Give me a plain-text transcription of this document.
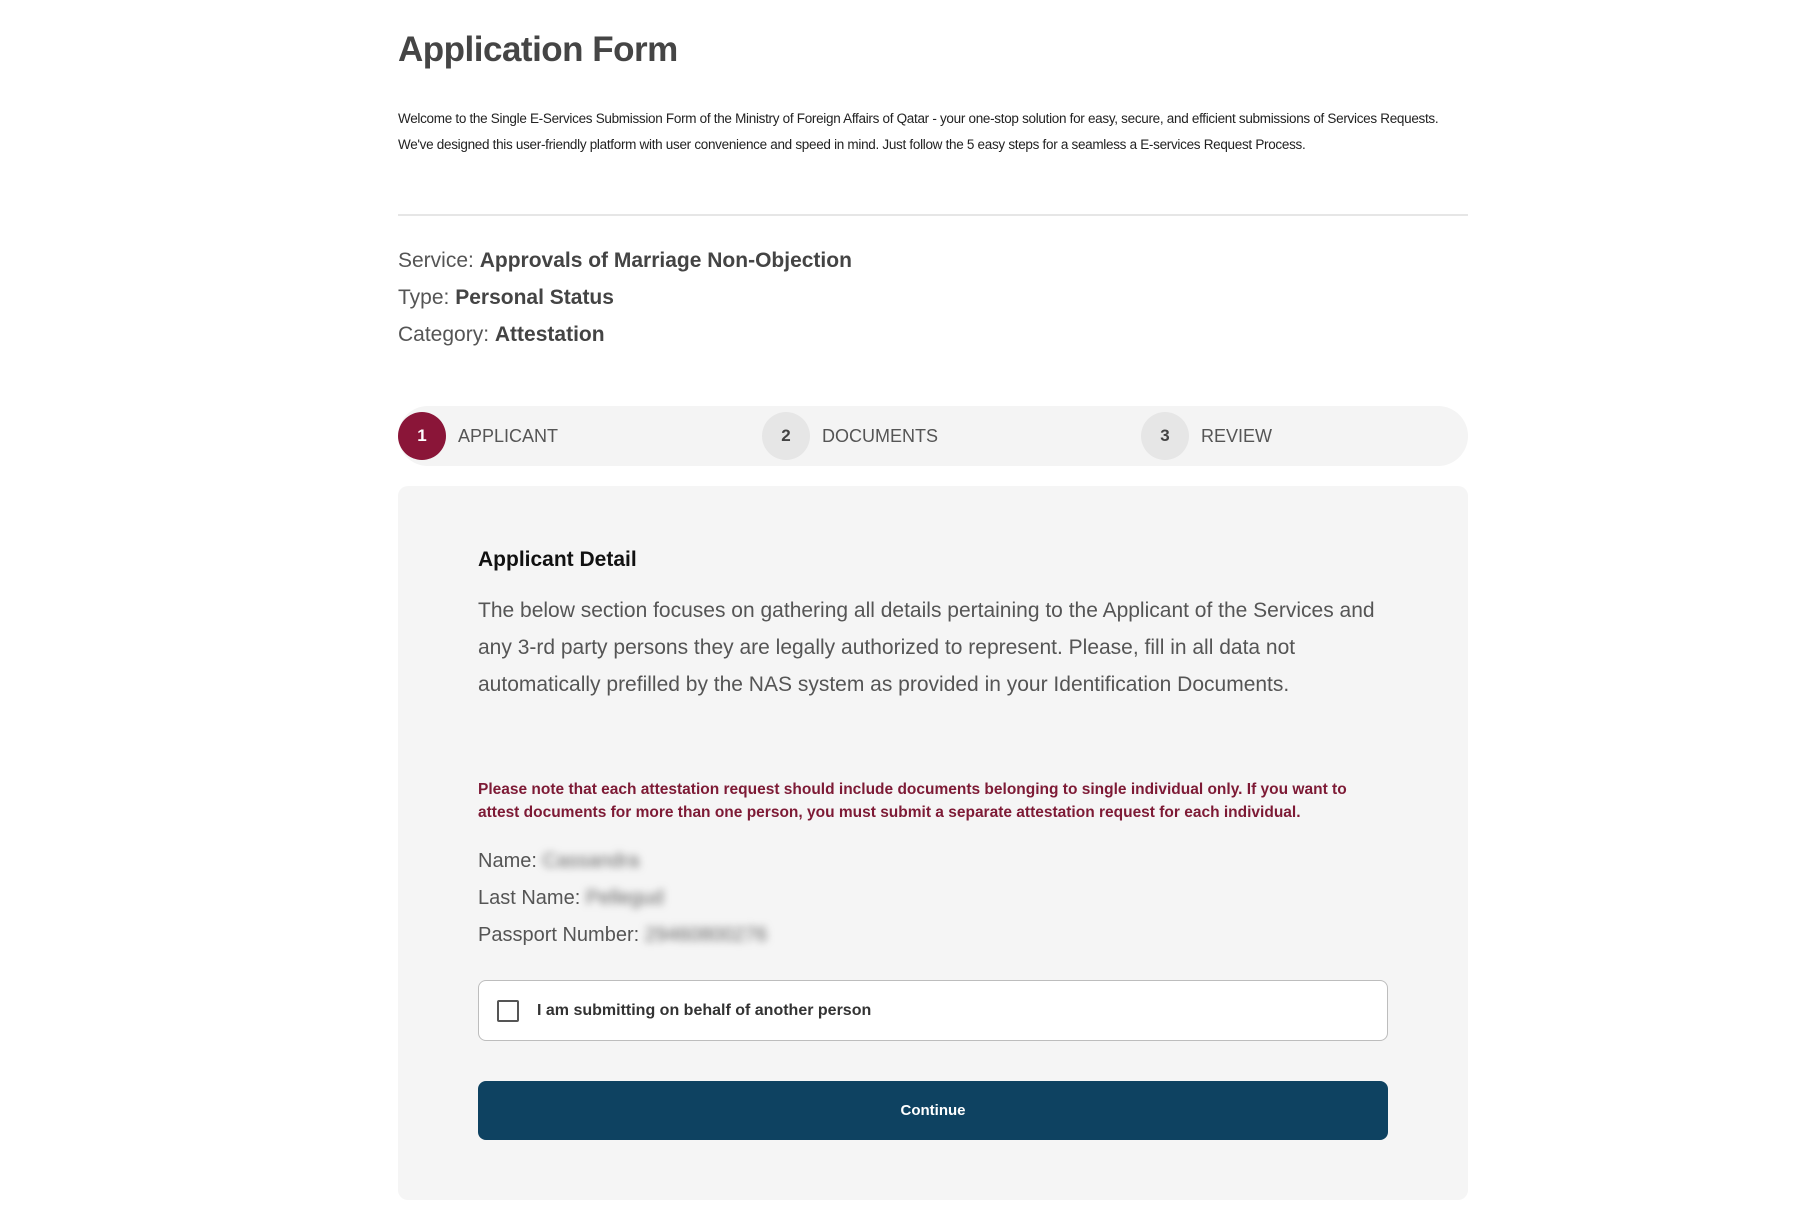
Application Form
Welcome to the Single E-Services Submission Form of the Ministry of Foreign Affairs of Qatar - your one-stop solution for easy, secure, and efficient submissions of Services Requests. We've designed this user-friendly platform with user convenience and speed in mind. Just follow the 5 easy steps for a seamless a E-services Request Process.
Service: Approvals of Marriage Non-Objection
Type: Personal Status
Category: Attestation
1	APPLICANT	2	DOCUMENTS	3	REVIEW
Applicant Detail
The below section focuses on gathering all details pertaining to the Applicant of the Services and any 3-rd party persons they are legally authorized to represent. Please, fill in all data not automatically prefilled by the NAS system as provided in your Identification Documents.
Please note that each attestation request should include documents belonging to single individual only. If you want to attest documents for more than one person, you must submit a separate attestation request for each individual.
Name: Cassandra
Last Name: Pellegud
Passport Number: 29460800276
I am submitting on behalf of another person
Continue
